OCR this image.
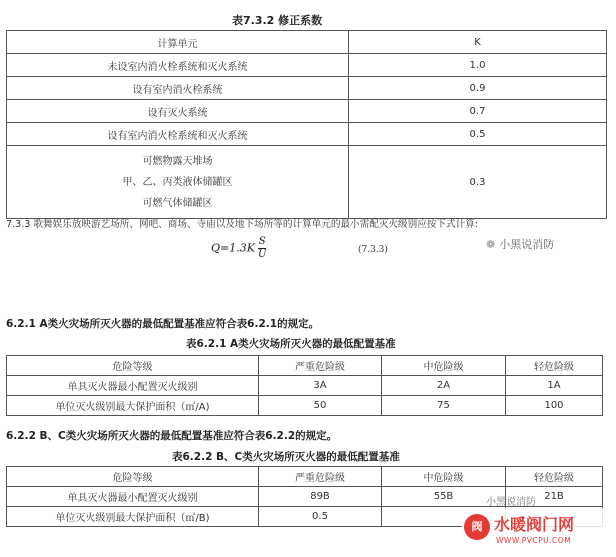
表7.3.2 修正系数
计算单元	K
未设室内消火栓系统和灭火系统	1.0
设有室内消火栓系统	0.9
设有灭火系统	0.7
设有室内消火栓系统和灭火系统	0.5

可燃物露天堆场
甲、乙、丙类液体储罐区
可燃气体储罐区	0.3
7.3.3 歌舞娱乐放映游艺场所、网吧、商场、寺庙以及地下场所等的计算单元的最小需配灭火级别应按下式计算:
$Q=1.3K \frac{S}{U}$	(7.3.3)	❁ 小黑说消防
6.2.1 A类火灾场所灭火器的最低配置基准应符合表6.2.1的规定。
表6.2.1 A类火灾场所灭火器的最低配置基准
危险等级	严重危险级	中危险级	轻危险级
单具灭火器最小配置灭火级别	3A	2A	1A
单位灭火级别最大保护面积（㎡/A)	50	75	100
6.2.2 B、C类火灾场所灭火器的最低配置基准应符合表6.2.2的规定。
表6.2.2 B、C类火灾场所灭火器的最低配置基准
危险等级	严重危险级	中危险级	轻危险级
单具灭火器最小配置灭火级别	89B	55B	21B
单位灭火级别最大保护面积（㎡/B)	0.5		
小黑说消防
阀 水暖阀门网
WWW.PVCPU.COM
